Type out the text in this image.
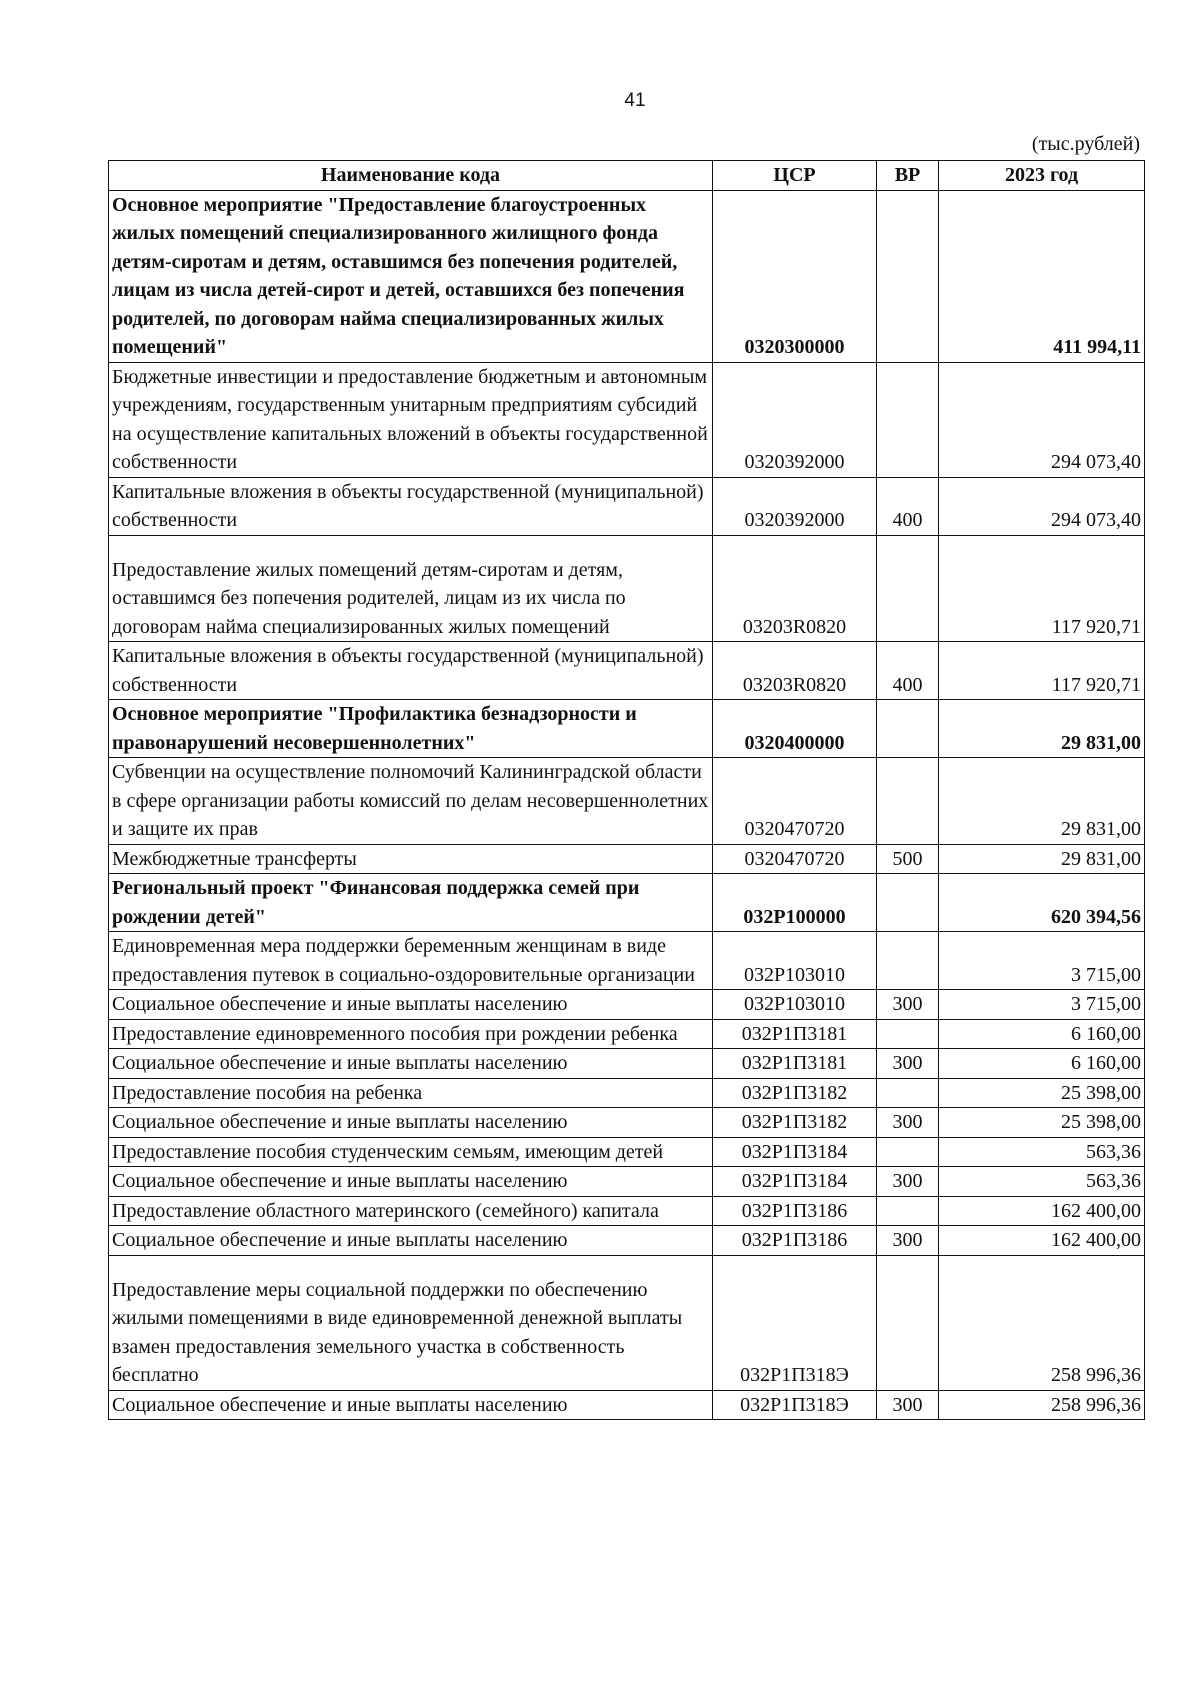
41
(тыс.рублей)
Наименование кода	ЦСР	ВР	2023 год
Основное мероприятие "Предоставление благоустроенных жилых помещений специализированного жилищного фонда детям-сиротам и детям, оставшимся без попечения родителей, лицам из числа детей-сирот и детей, оставшихся без попечения родителей, по договорам найма специализированных жилых помещений"	0320300000		411 994,11
Бюджетные инвестиции и предоставление бюджетным и автономным учреждениям, государственным унитарным предприятиям субсидий на осуществление капитальных вложений в объекты государственной собственности	0320392000		294 073,40
Капитальные вложения в объекты государственной (муниципальной) собственности	0320392000	400	294 073,40
Предоставление жилых помещений детям-сиротам и детям, оставшимся без попечения родителей, лицам из их числа по договорам найма специализированных жилых помещений	03203R0820		117 920,71
Капитальные вложения в объекты государственной (муниципальной) собственности	03203R0820	400	117 920,71
Основное мероприятие "Профилактика безнадзорности и правонарушений несовершеннолетних"	0320400000		29 831,00
Субвенции на осуществление полномочий Калининградской области в сфере организации работы комиссий по делам несовершеннолетних и защите их прав	0320470720		29 831,00
Межбюджетные трансферты	0320470720	500	29 831,00
Региональный проект "Финансовая поддержка семей при рождении детей"	032P100000		620 394,56
Единовременная мера поддержки беременным женщинам в виде предоставления путевок в социально-оздоровительные организации	032P103010		3 715,00
Социальное обеспечение и иные выплаты населению	032P103010	300	3 715,00
Предоставление единовременного пособия при рождении ребенка	032P1П3181		6 160,00
Социальное обеспечение и иные выплаты населению	032P1П3181	300	6 160,00
Предоставление пособия на ребенка	032P1П3182		25 398,00
Социальное обеспечение и иные выплаты населению	032P1П3182	300	25 398,00
Предоставление пособия студенческим семьям, имеющим детей	032P1П3184		563,36
Социальное обеспечение и иные выплаты населению	032P1П3184	300	563,36
Предоставление областного материнского (семейного) капитала	032P1П3186		162 400,00
Социальное обеспечение и иные выплаты населению	032P1П3186	300	162 400,00
Предоставление меры социальной поддержки по обеспечению жилыми помещениями в виде единовременной денежной выплаты взамен предоставления земельного участка в собственность бесплатно	032P1П318Э		258 996,36
Социальное обеспечение и иные выплаты населению	032P1П318Э	300	258 996,36
